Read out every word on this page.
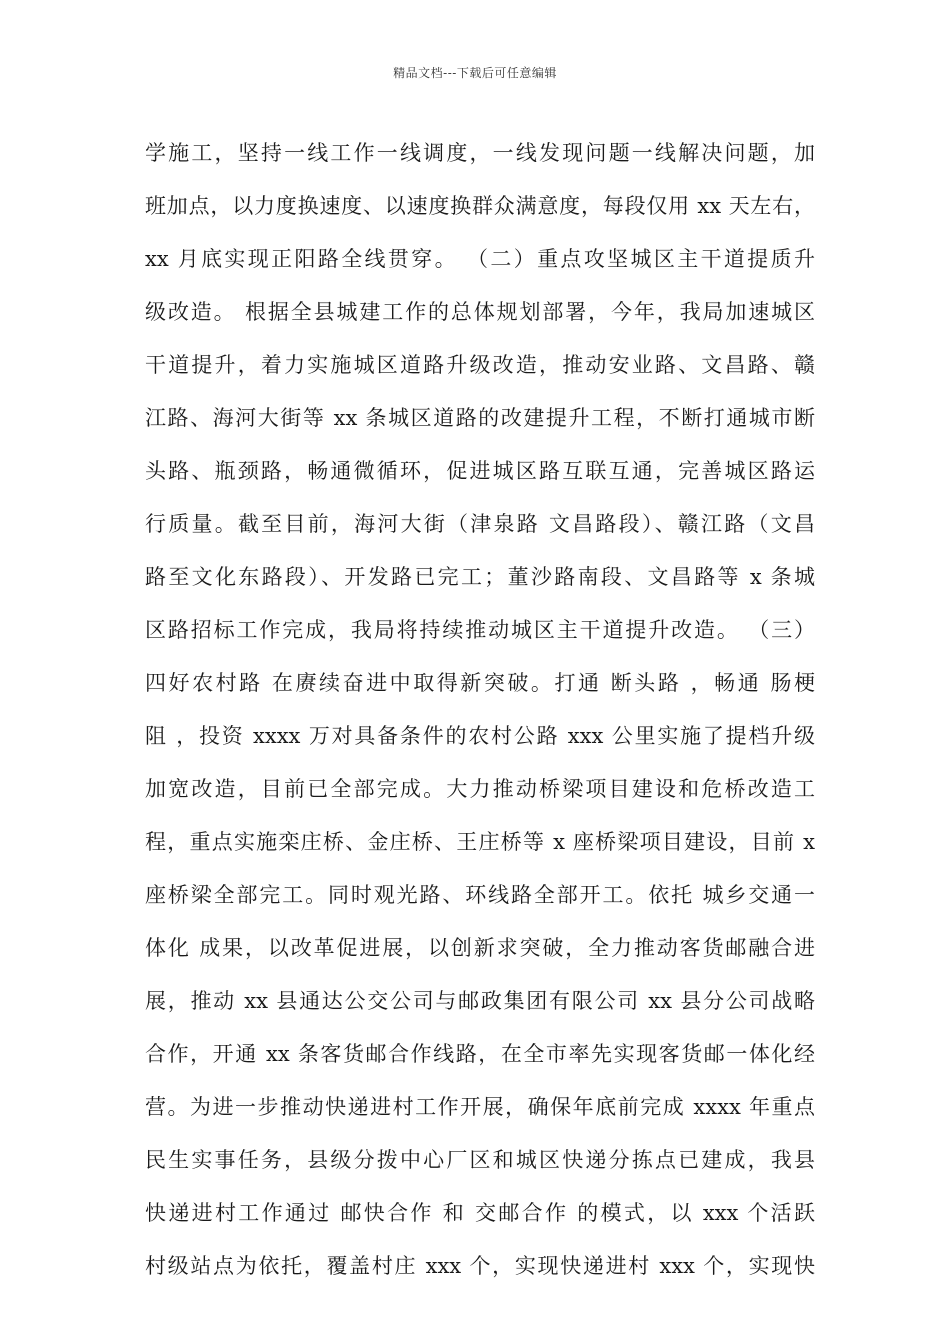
精品文档---下载后可任意编辑
学施工，坚持一线工作一线调度，一线发现问题一线解决问题，加
班加点，以力度换速度、以速度换群众满意度，每段仅用 xx 天左右，
xx 月底实现正阳路全线贯穿。 （二）重点攻坚城区主干道提质升
级改造。 根据全县城建工作的总体规划部署，今年，我局加速城区
干道提升，着力实施城区道路升级改造，推动安业路、文昌路、赣
江路、海河大街等 xx 条城区道路的改建提升工程，不断打通城市断
头路、瓶颈路，畅通微循环，促进城区路互联互通，完善城区路运
行质量。截至目前，海河大街（津泉路 文昌路段）、赣江路（文昌
路至文化东路段）、开发路已完工；董沙路南段、文昌路等 x 条城
区路招标工作完成，我局将持续推动城区主干道提升改造。 （三）
四好农村路 在赓续奋进中取得新突破。打通 断头路 ，畅通 肠梗
阻 ，投资 xxxx 万对具备条件的农村公路 xxx 公里实施了提档升级
加宽改造，目前已全部完成。大力推动桥梁项目建设和危桥改造工
程，重点实施栾庄桥、金庄桥、王庄桥等 x 座桥梁项目建设，目前 x
座桥梁全部完工。同时观光路、环线路全部开工。依托 城乡交通一
体化 成果，以改革促进展，以创新求突破，全力推动客货邮融合进
展，推动 xx 县通达公交公司与邮政集团有限公司 xx 县分公司战略
合作，开通 xx 条客货邮合作线路，在全市率先实现客货邮一体化经
营。为进一步推动快递进村工作开展，确保年底前完成 xxxx 年重点
民生实事任务，县级分拨中心厂区和城区快递分拣点已建成，我县
快递进村工作通过 邮快合作 和 交邮合作 的模式，以 xxx 个活跃
村级站点为依托，覆盖村庄 xxx 个，实现快递进村 xxx 个，实现快
